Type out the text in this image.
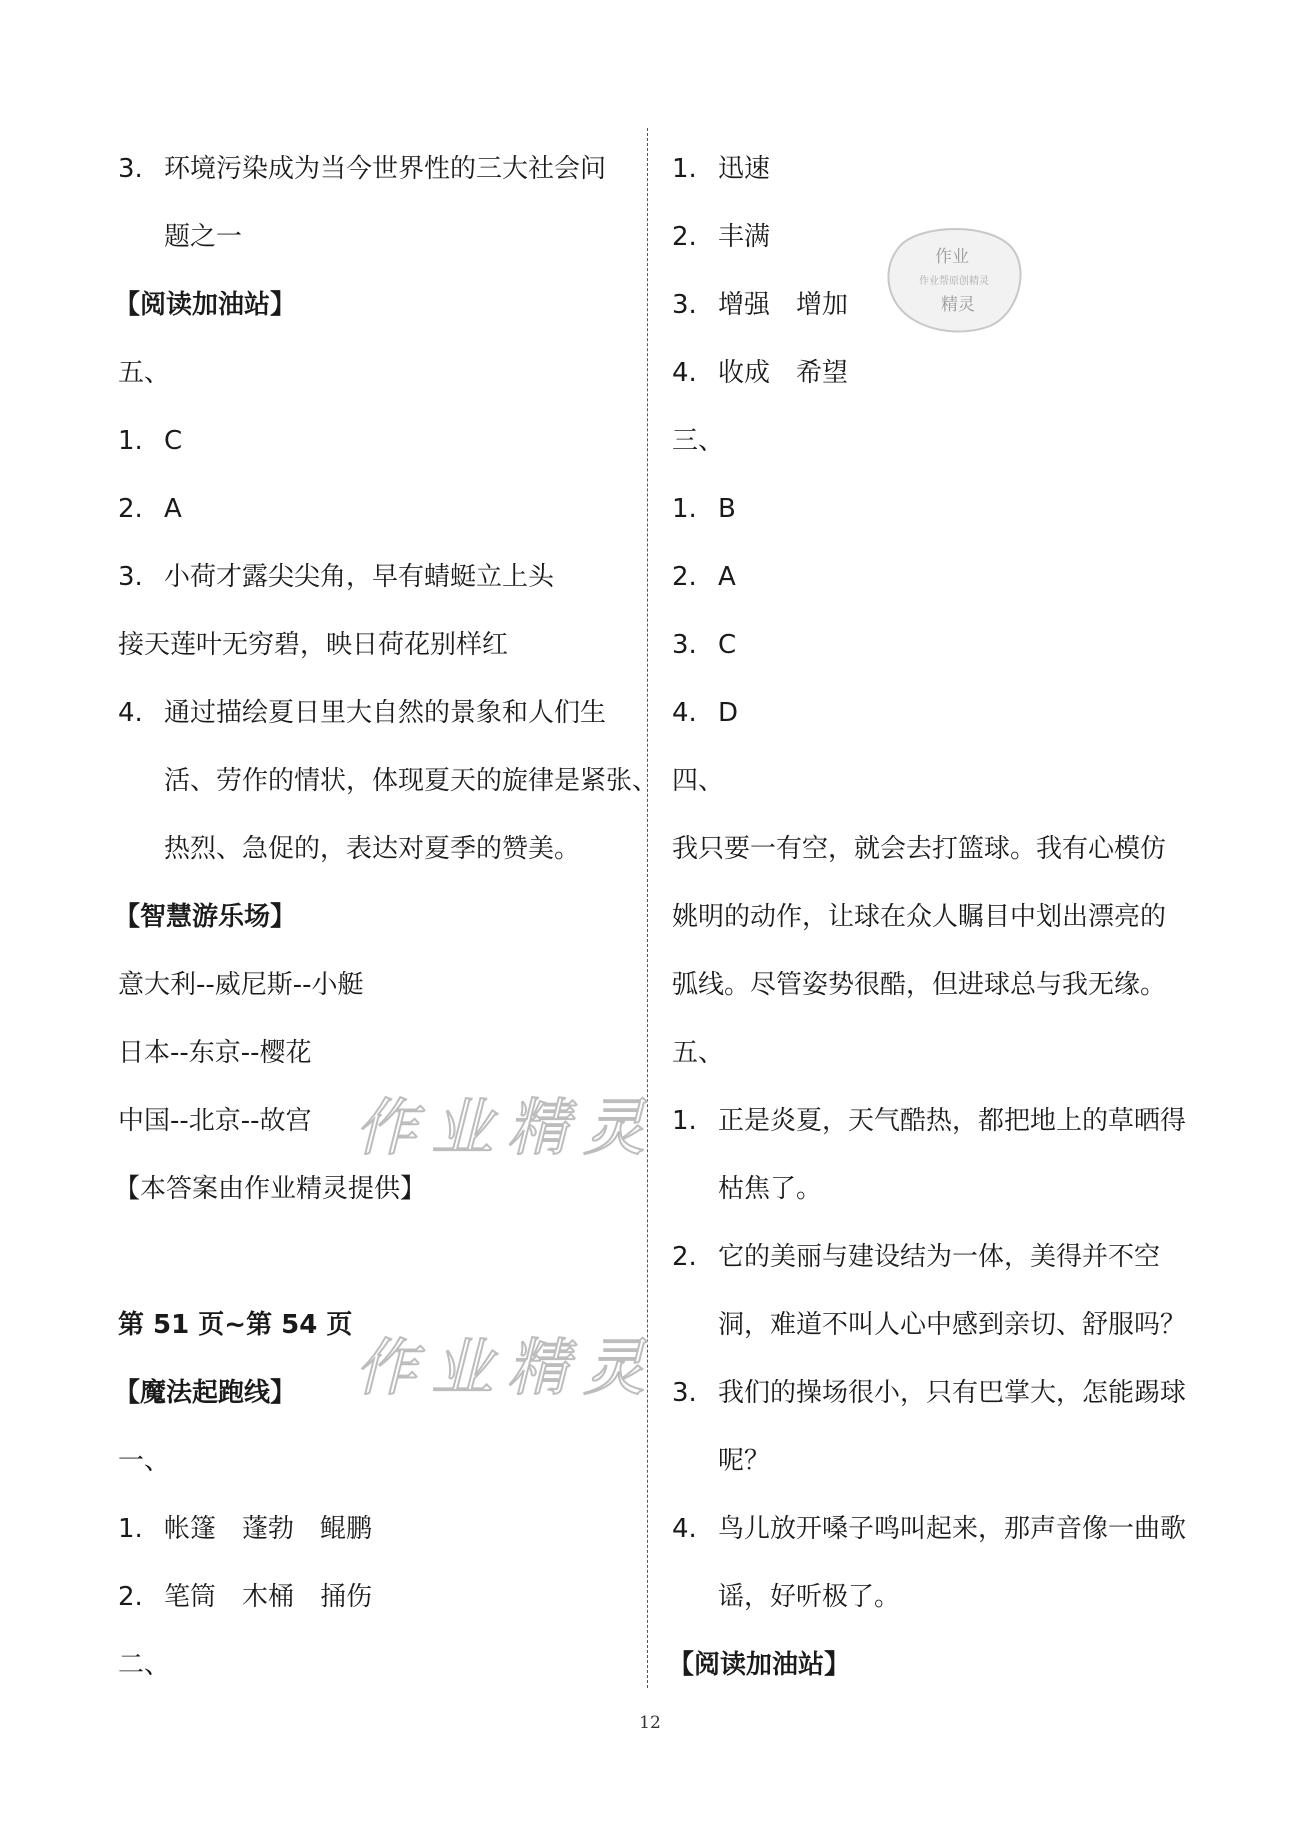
作业精灵
作业精灵
作业
作业帮原创精灵
精灵
3. 环境污染成为当今世界性的三大社会问
题之一
【阅读加油站】
五、
1. C
2. A
3. 小荷才露尖尖角，早有蜻蜓立上头
接天莲叶无穷碧，映日荷花别样红
4. 通过描绘夏日里大自然的景象和人们生
活、劳作的情状，体现夏天的旋律是紧张、
热烈、急促的，表达对夏季的赞美。
【智慧游乐场】
意大利--威尼斯--小艇
日本--东京--樱花
中国--北京--故宫
【本答案由作业精灵提供】
第 51 页~第 54 页
【魔法起跑线】
一、
1. 帐篷 蓬勃 鲲鹏
2. 笔筒 木桶 捅伤
二、
1. 迅速
2. 丰满
3. 增强 增加
4. 收成 希望
三、
1. B
2. A
3. C
4. D
四、
我只要一有空，就会去打篮球。我有心模仿
姚明的动作，让球在众人瞩目中划出漂亮的
弧线。尽管姿势很酷，但进球总与我无缘。
五、
1. 正是炎夏，天气酷热，都把地上的草晒得
枯焦了。
2. 它的美丽与建设结为一体，美得并不空
洞，难道不叫人心中感到亲切、舒服吗？
3. 我们的操场很小，只有巴掌大，怎能踢球
呢？
4. 鸟儿放开嗓子鸣叫起来，那声音像一曲歌
谣，好听极了。
【阅读加油站】
12
